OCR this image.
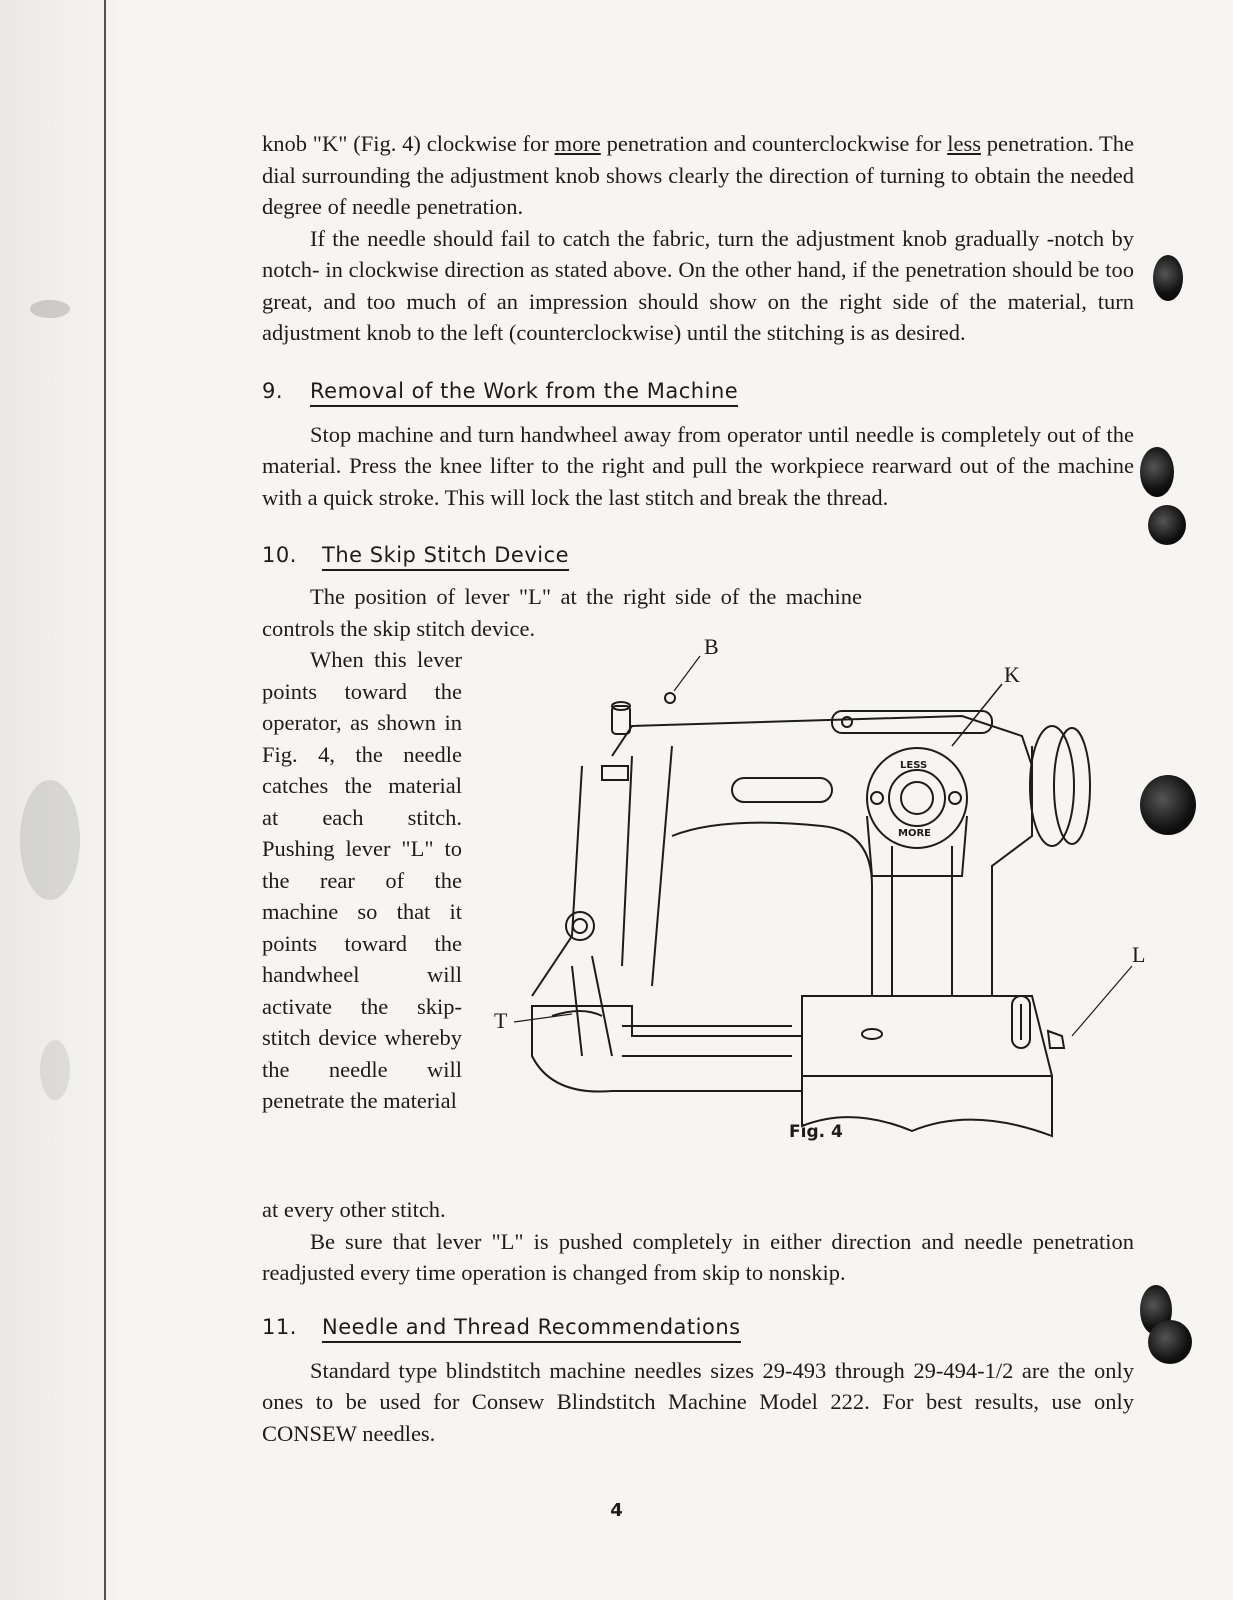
knob "K" (Fig. 4) clockwise for more penetration and counterclockwise for less penetration. The dial surrounding the adjustment knob shows clearly the direction of turning to obtain the needed degree of needle penetration.

If the needle should fail to catch the fabric, turn the adjustment knob gradually -notch by notch- in clockwise direction as stated above. On the other hand, if the penetration should be too great, and too much of an impression should show on the right side of the material, turn adjustment knob to the left (counterclockwise) until the stitching is as desired.

9.	Removal of the Work from the Machine

Stop machine and turn handwheel away from operator until needle is completely out of the material. Press the knee lifter to the right and pull the workpiece rearward out of the machine with a quick stroke. This will lock the last stitch and break the thread.

10.	The Skip Stitch Device

The position of lever "L" at the right side of the machine controls the skip stitch device.

When this lever points toward the operator, as shown in Fig. 4, the needle catches the material at each stitch. Pushing lever "L" to the rear of the machine so that it points toward the handwheel will activate the skip-stitch device whereby the needle will penetrate the material

B
K
L
T
LESS
MORE
Fig. 4

at every other stitch.

Be sure that lever "L" is pushed completely in either direction and needle penetration readjusted every time operation is changed from skip to nonskip.

11.	Needle and Thread Recommendations

Standard type blindstitch machine needles sizes 29-493 through 29-494-1/2 are the only ones to be used for Consew Blindstitch Machine Model 222. For best results, use only CONSEW needles.

4
